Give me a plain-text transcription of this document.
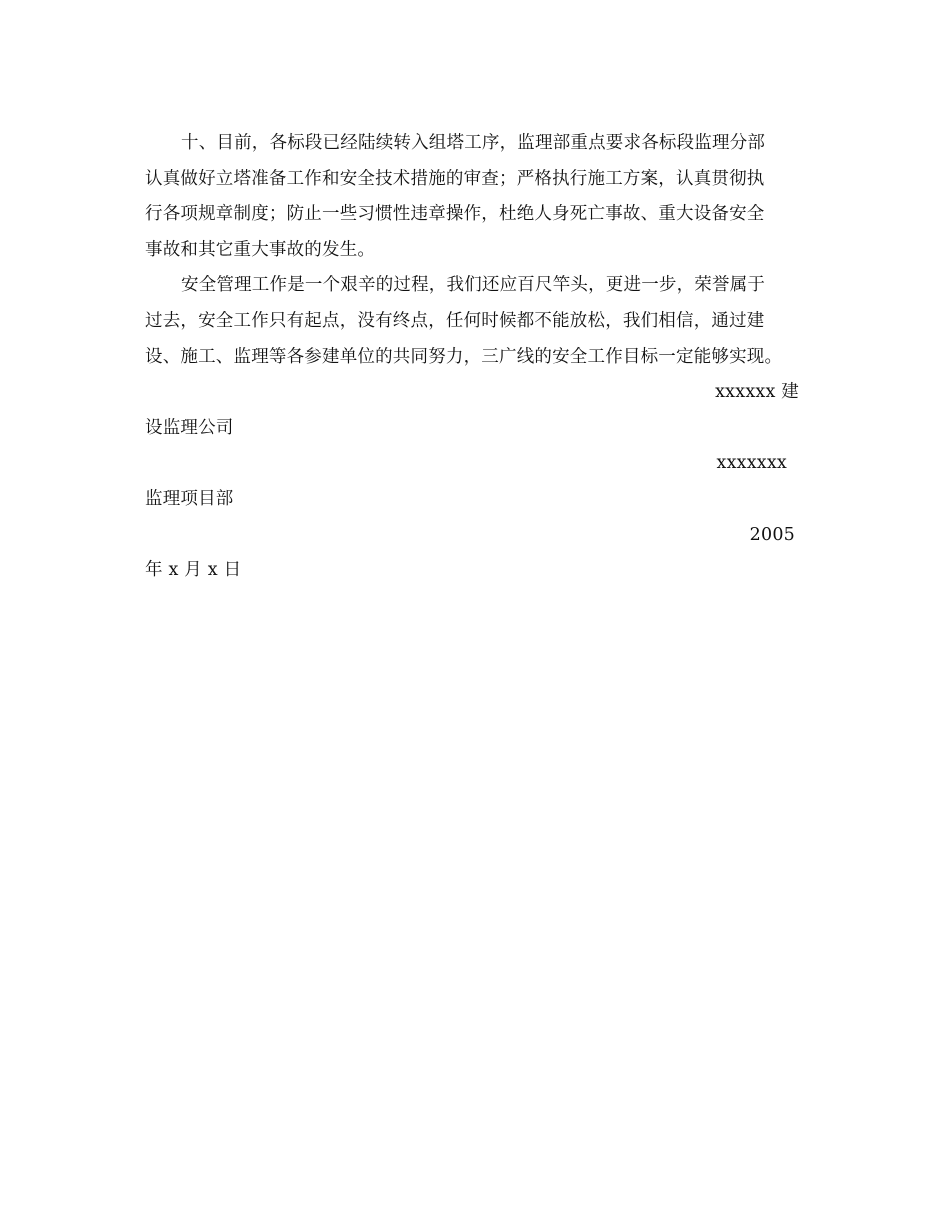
十、目前，各标段已经陆续转入组塔工序，监理部重点要求各标段监理分部
认真做好立塔准备工作和安全技术措施的审查；严格执行施工方案，认真贯彻执
行各项规章制度；防止一些习惯性违章操作，杜绝人身死亡事故、重大设备安全
事故和其它重大事故的发生。
安全管理工作是一个艰辛的过程，我们还应百尺竿头，更进一步，荣誉属于
过去，安全工作只有起点，没有终点，任何时候都不能放松，我们相信，通过建
设、施工、监理等各参建单位的共同努力，三广线的安全工作目标一定能够实现。
xxxxxx 建
设监理公司
xxxxxxx
监理项目部
2005
年 x 月 x 日
